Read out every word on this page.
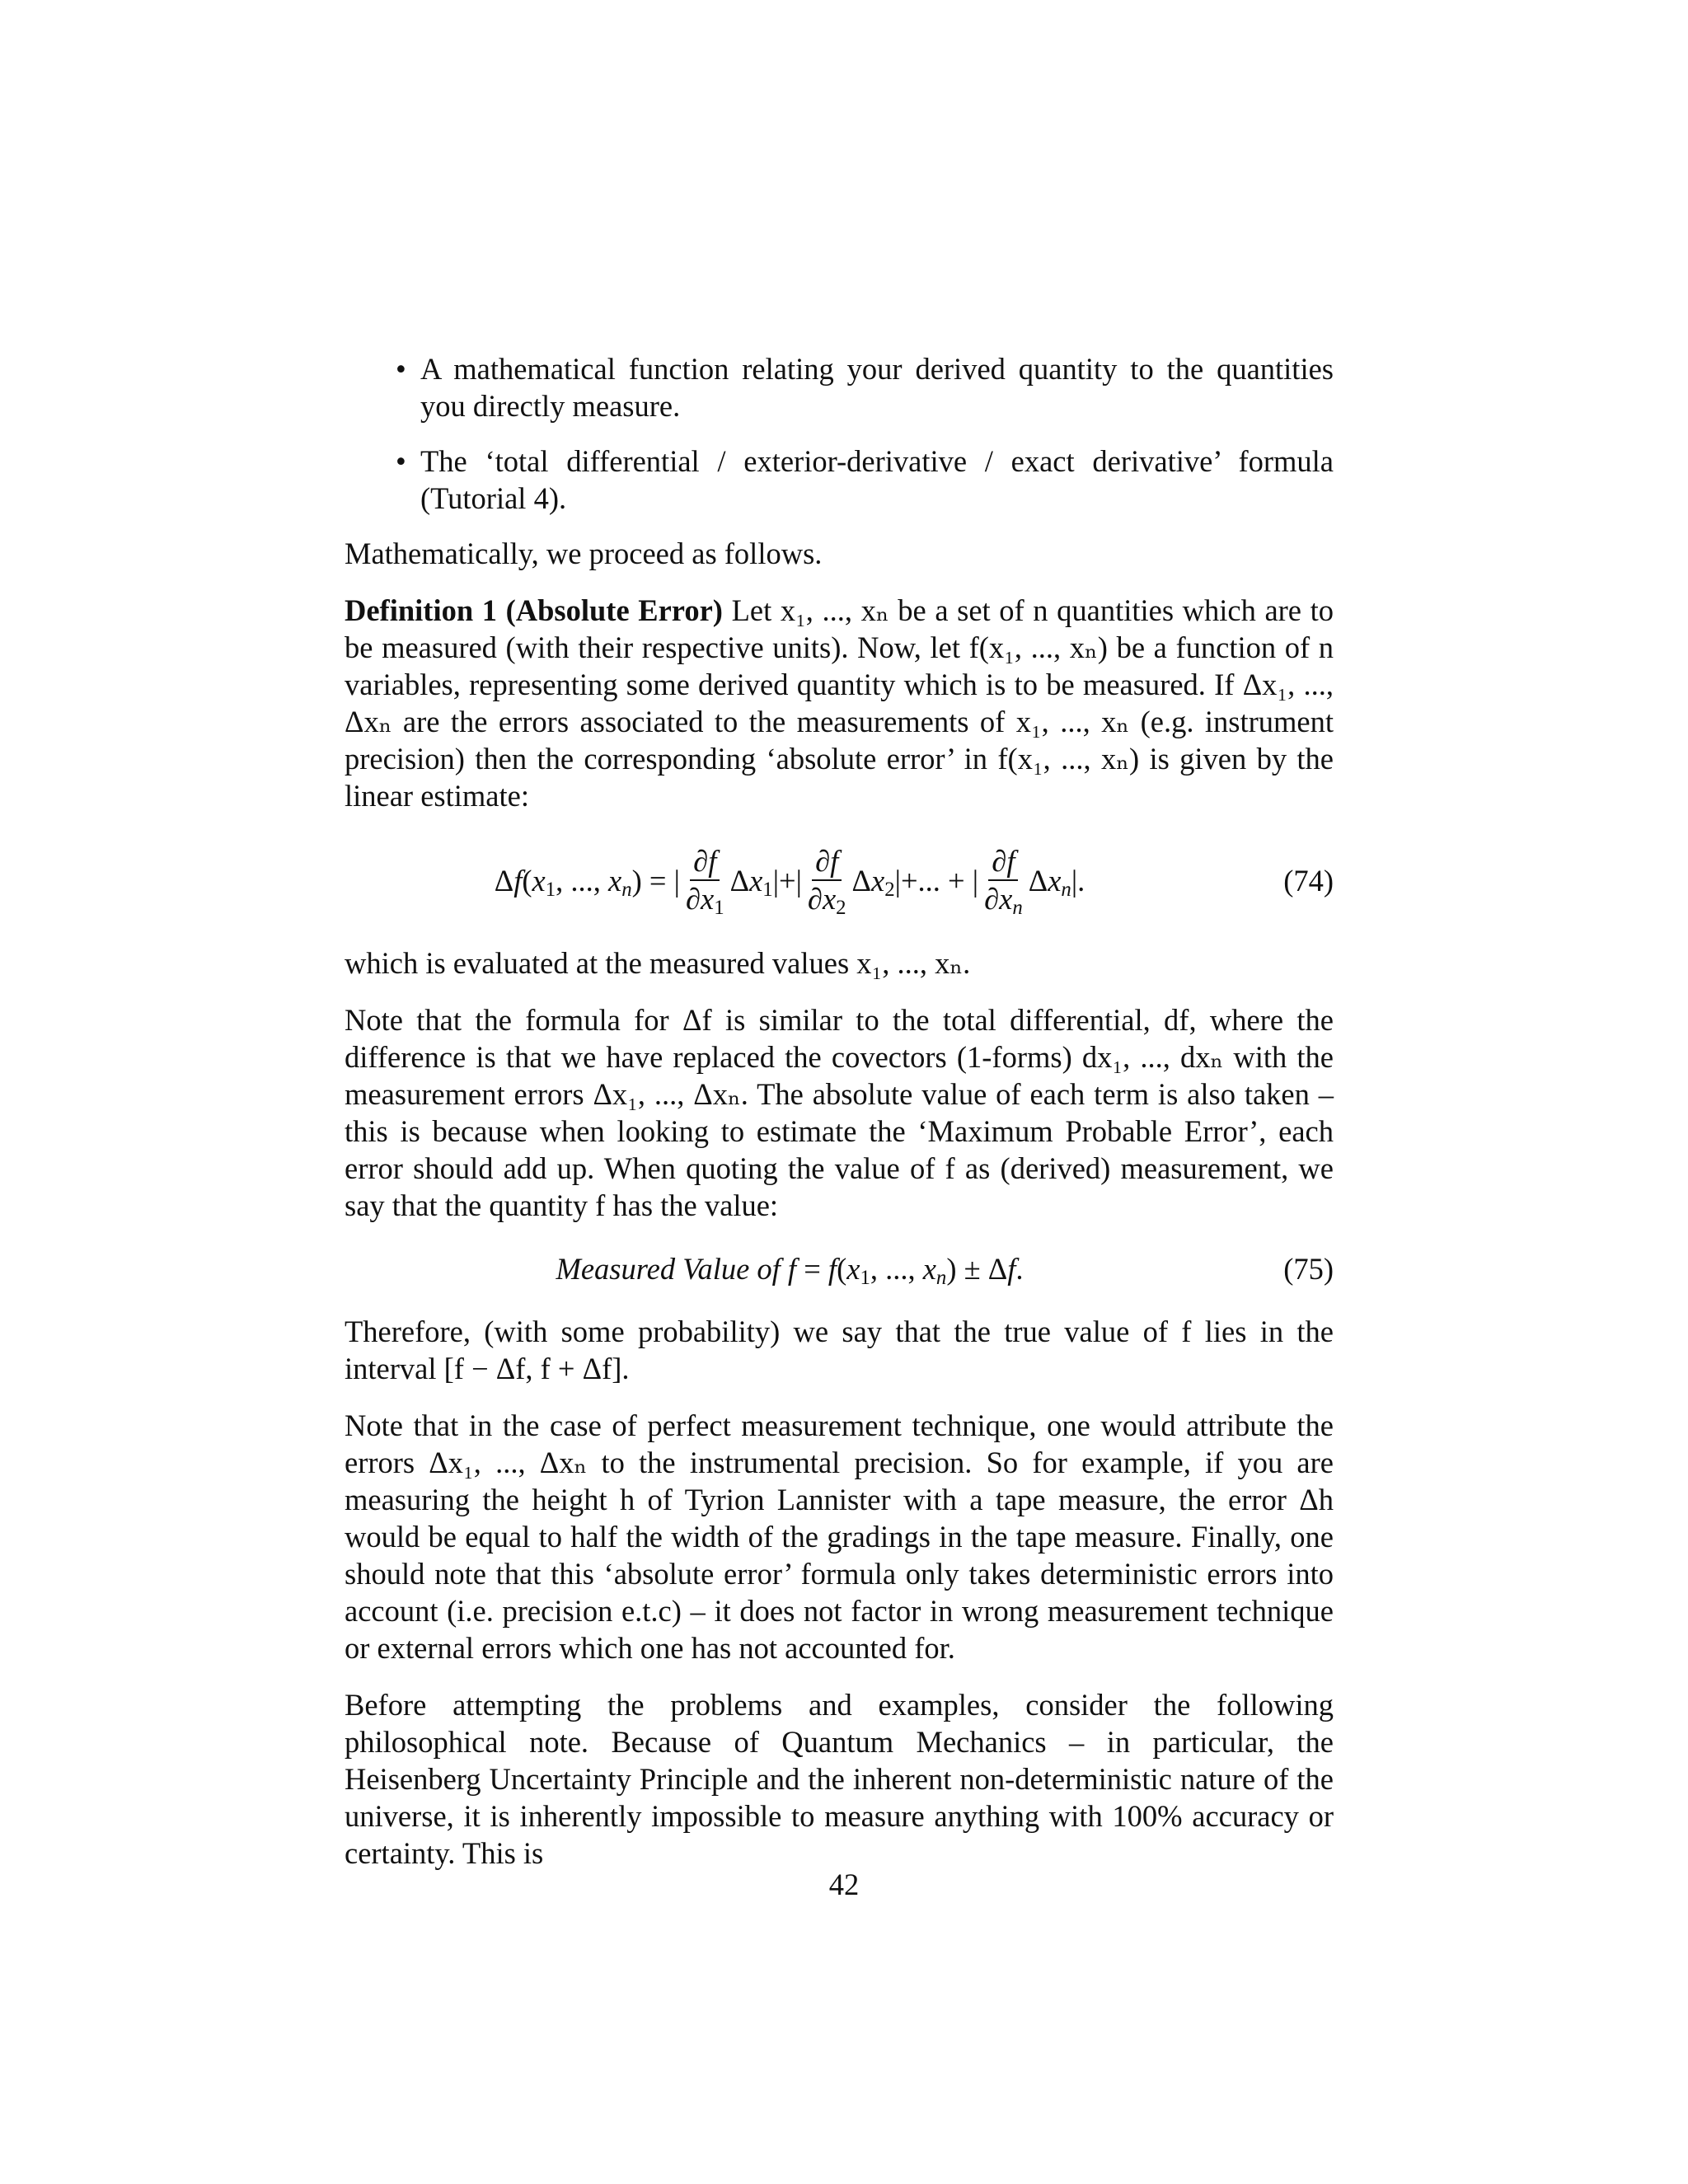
• A mathematical function relating your derived quantity to the quantities you directly measure.
• The ‘total differential / exterior-derivative / exact derivative’ formula (Tutorial 4).

Mathematically, we proceed as follows.

Definition 1 (Absolute Error) Let x₁, ..., xₙ be a set of n quantities which are to be measured (with their respective units). Now, let f(x₁, ..., xₙ) be a function of n variables, representing some derived quantity which is to be measured. If Δx₁, ..., Δxₙ are the errors associated to the measurements of x₁, ..., xₙ (e.g. instrument precision) then the corresponding ‘absolute error’ in f(x₁, ..., xₙ) is given by the linear estimate:

$\Delta f(x_1$, ..., $x_n$) = | $\frac{\partial f}{\partial x_1} \Delta x_1|+| \frac{\partial f}{\partial x_2} \Delta x_2|+$... + | $\frac{\partial f}{\partial x_n} \Delta x_n|$.	(74)

which is evaluated at the measured values x₁, ..., xₙ.

Note that the formula for Δf is similar to the total differential, df, where the difference is that we have replaced the covectors (1-forms) dx₁, ..., dxₙ with the measurement errors Δx₁, ..., Δxₙ. The absolute value of each term is also taken – this is because when looking to estimate the ‘Maximum Probable Error’, each error should add up. When quoting the value of f as (derived) measurement, we say that the quantity f has the value:

Measured Value of $f = f(x_1$, ..., $x_n) \pm \Delta f$.	(75)

Therefore, (with some probability) we say that the true value of f lies in the interval [f − Δf, f + Δf].

Note that in the case of perfect measurement technique, one would attribute the errors Δx₁, ..., Δxₙ to the instrumental precision. So for example, if you are measuring the height h of Tyrion Lannister with a tape measure, the error Δh would be equal to half the width of the gradings in the tape measure. Finally, one should note that this ‘absolute error’ formula only takes deterministic errors into account (i.e. precision e.t.c) – it does not factor in wrong measurement technique or external errors which one has not accounted for.

Before attempting the problems and examples, consider the following philosophical note. Because of Quantum Mechanics – in particular, the Heisenberg Uncertainty Principle and the inherent non-deterministic nature of the universe, it is inherently impossible to measure anything with 100% accuracy or certainty. This is

42
